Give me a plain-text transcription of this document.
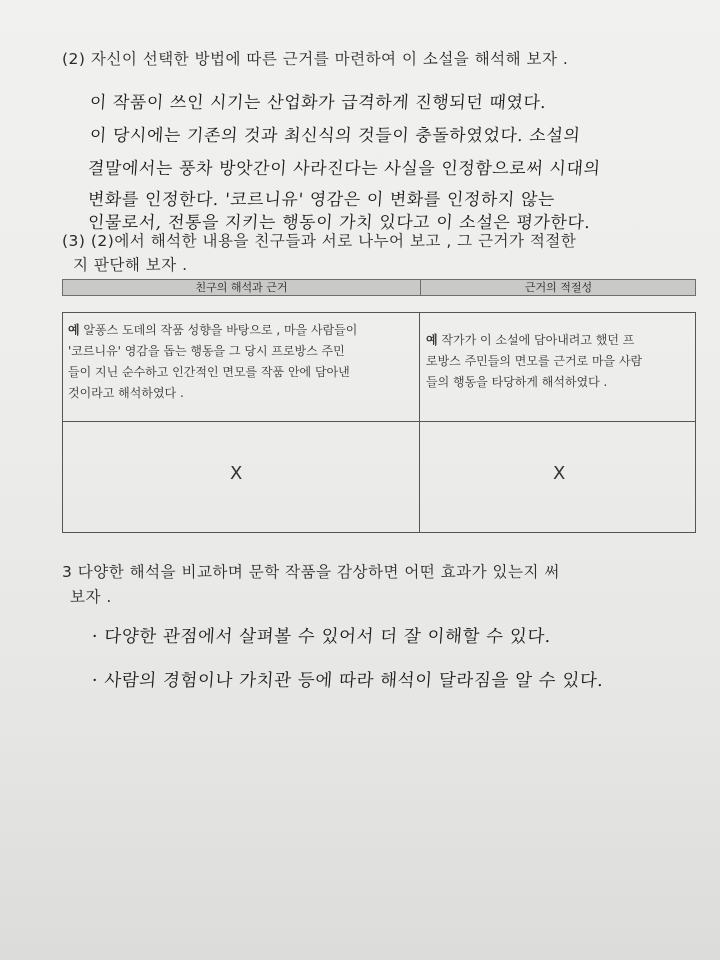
(2) 자신이 선택한 방법에 따른 근거를 마련하여 이 소설을 해석해 보자 .
이 작품이 쓰인 시기는 산업화가 급격하게 진행되던 때였다.
이 당시에는 기존의 것과 최신식의 것들이 충돌하였었다. 소설의
결말에서는 풍차 방앗간이 사라진다는 사실을 인정함으로써 시대의
변화를 인정한다. '코르니유' 영감은 이 변화를 인정하지 않는
인물로서, 전통을 지키는 행동이 가치 있다고 이 소설은 평가한다.
(3) (2)에서 해석한 내용을 친구들과 서로 나누어 보고 , 그 근거가 적절한
지 판단해 보자 .
친구의 해석과 근거	근거의 적절성
예 알퐁스 도데의 작품 성향을 바탕으로 , 마을 사람들이
'코르니유' 영감을 돕는 행동을 그 당시 프로방스 주민
들이 지닌 순수하고 인간적인 면모를 작품 안에 담아낸
것이라고 해석하였다 .
예 작가가 이 소설에 담아내려고 했던 프
로방스 주민들의 면모를 근거로 마을 사람
들의 행동을 타당하게 해석하였다 .
X	X
3 다양한 해석을 비교하며 문학 작품을 감상하면 어떤 효과가 있는지 써
보자 .
· 다양한 관점에서 살펴볼 수 있어서 더 잘 이해할 수 있다.
· 사람의 경험이나 가치관 등에 따라 해석이 달라짐을 알 수 있다.
